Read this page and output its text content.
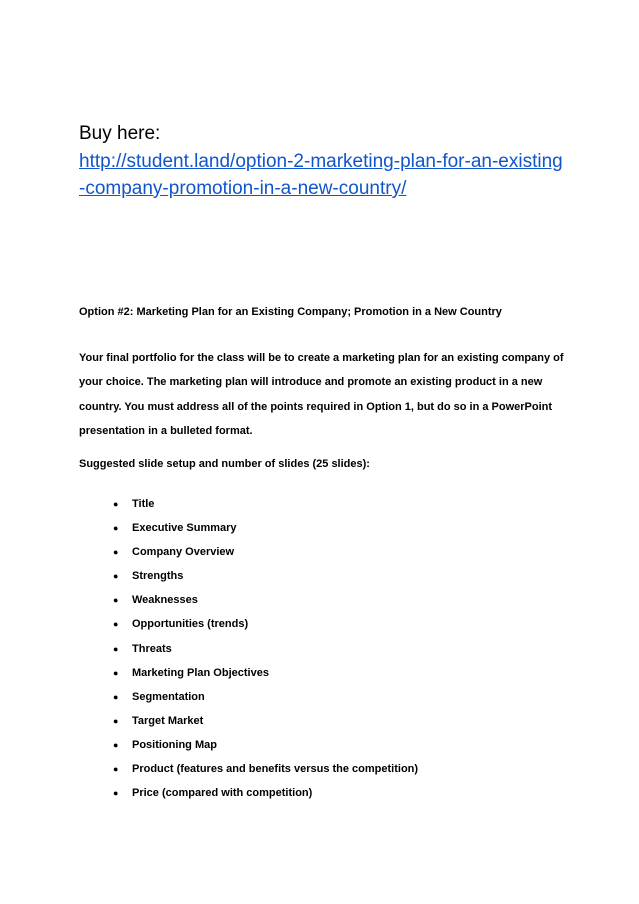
Buy here:

http://student.land/option-2-marketing-plan-for-an-existing-company-promotion-in-a-new-country/

Option #2: Marketing Plan for an Existing Company; Promotion in a New Country

Your final portfolio for the class will be to create a marketing plan for an existing company of your choice. The marketing plan will introduce and promote an existing product in a new country. You must address all of the points required in Option 1, but do so in a PowerPoint presentation in a bulleted format.

Suggested slide setup and number of slides (25 slides):

● Title
● Executive Summary
● Company Overview
● Strengths
● Weaknesses
● Opportunities (trends)
● Threats
● Marketing Plan Objectives
● Segmentation
● Target Market
● Positioning Map
● Product (features and benefits versus the competition)
● Price (compared with competition)
